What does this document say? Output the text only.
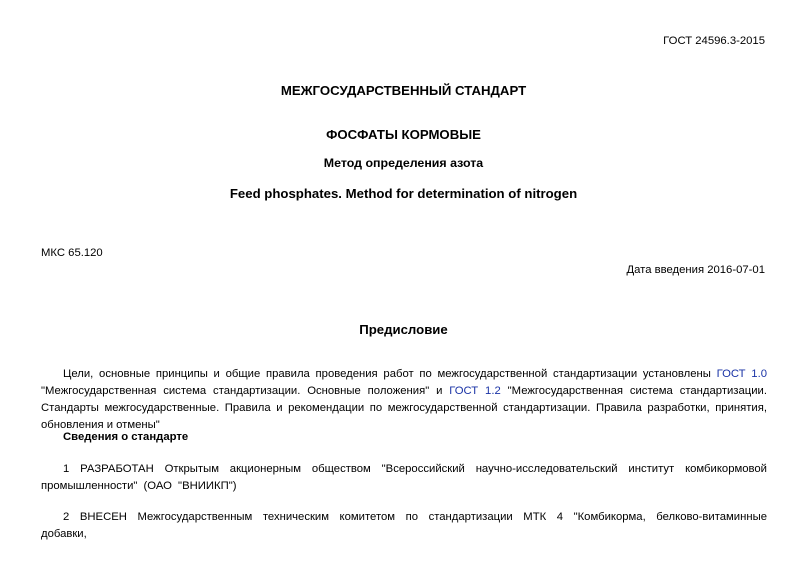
ГОСТ 24596.3-2015
МЕЖГОСУДАРСТВЕННЫЙ СТАНДАРТ
ФОСФАТЫ КОРМОВЫЕ
Метод определения азота
Feed phosphates. Method for determination of nitrogen
МКС 65.120
Дата введения 2016-07-01
Предисловие
Цели, основные принципы и общие правила проведения работ по межгосударственной стандартизации установлены ГОСТ 1.0 "Межгосударственная система стандартизации. Основные положения" и ГОСТ 1.2 "Межгосударственная система стандартизации. Стандарты межгосударственные. Правила и рекомендации по межгосударственной стандартизации. Правила разработки, принятия, обновления и отмены"
Сведения о стандарте
1 РАЗРАБОТАН Открытым акционерным обществом "Всероссийский научно-исследовательский институт комбикормовой промышленности" (ОАО "ВНИИКП")
2 ВНЕСЕН Межгосударственным техническим комитетом по стандартизации МТК 4 "Комбикорма, белково-витаминные добавки,
